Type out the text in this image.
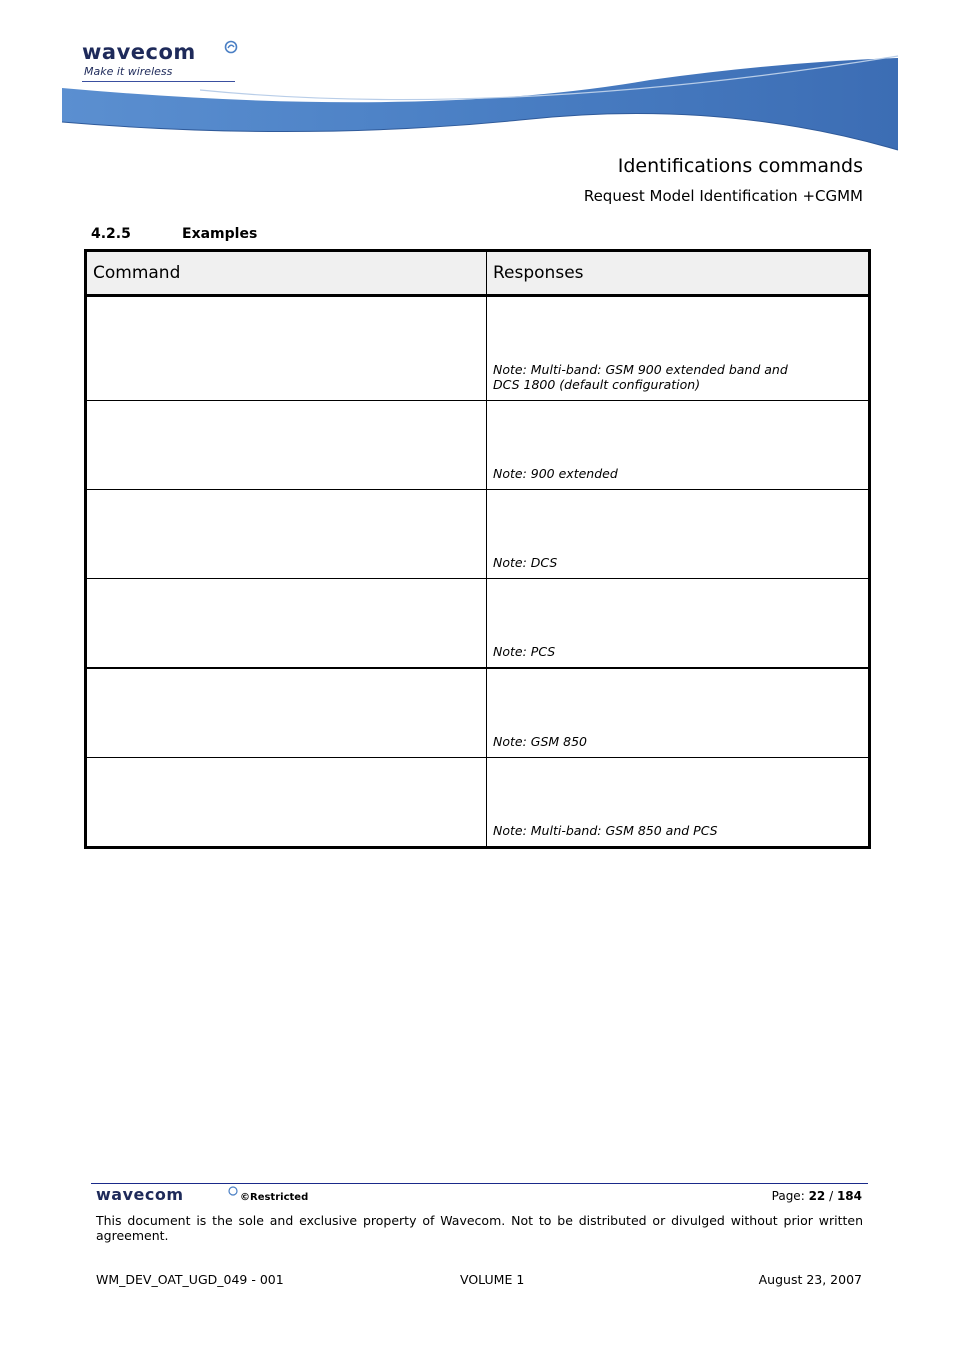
wavecom
Make it wireless
Identifications commands
Request Model Identification +CGMM
4.2.5	Examples
Command	Responses
	Note: Multi-band: GSM 900 extended band and
DCS 1800 (default configuration)
	Note: 900 extended
	Note: DCS
	Note: PCS
	Note: GSM 850
	Note: Multi-band: GSM 850 and PCS
wavecom	©Restricted	Page: 22 / 184
This document is the sole and exclusive property of Wavecom. Not to be distributed or divulged without prior written agreement.
WM_DEV_OAT_UGD_049 - 001	VOLUME 1	August 23, 2007
